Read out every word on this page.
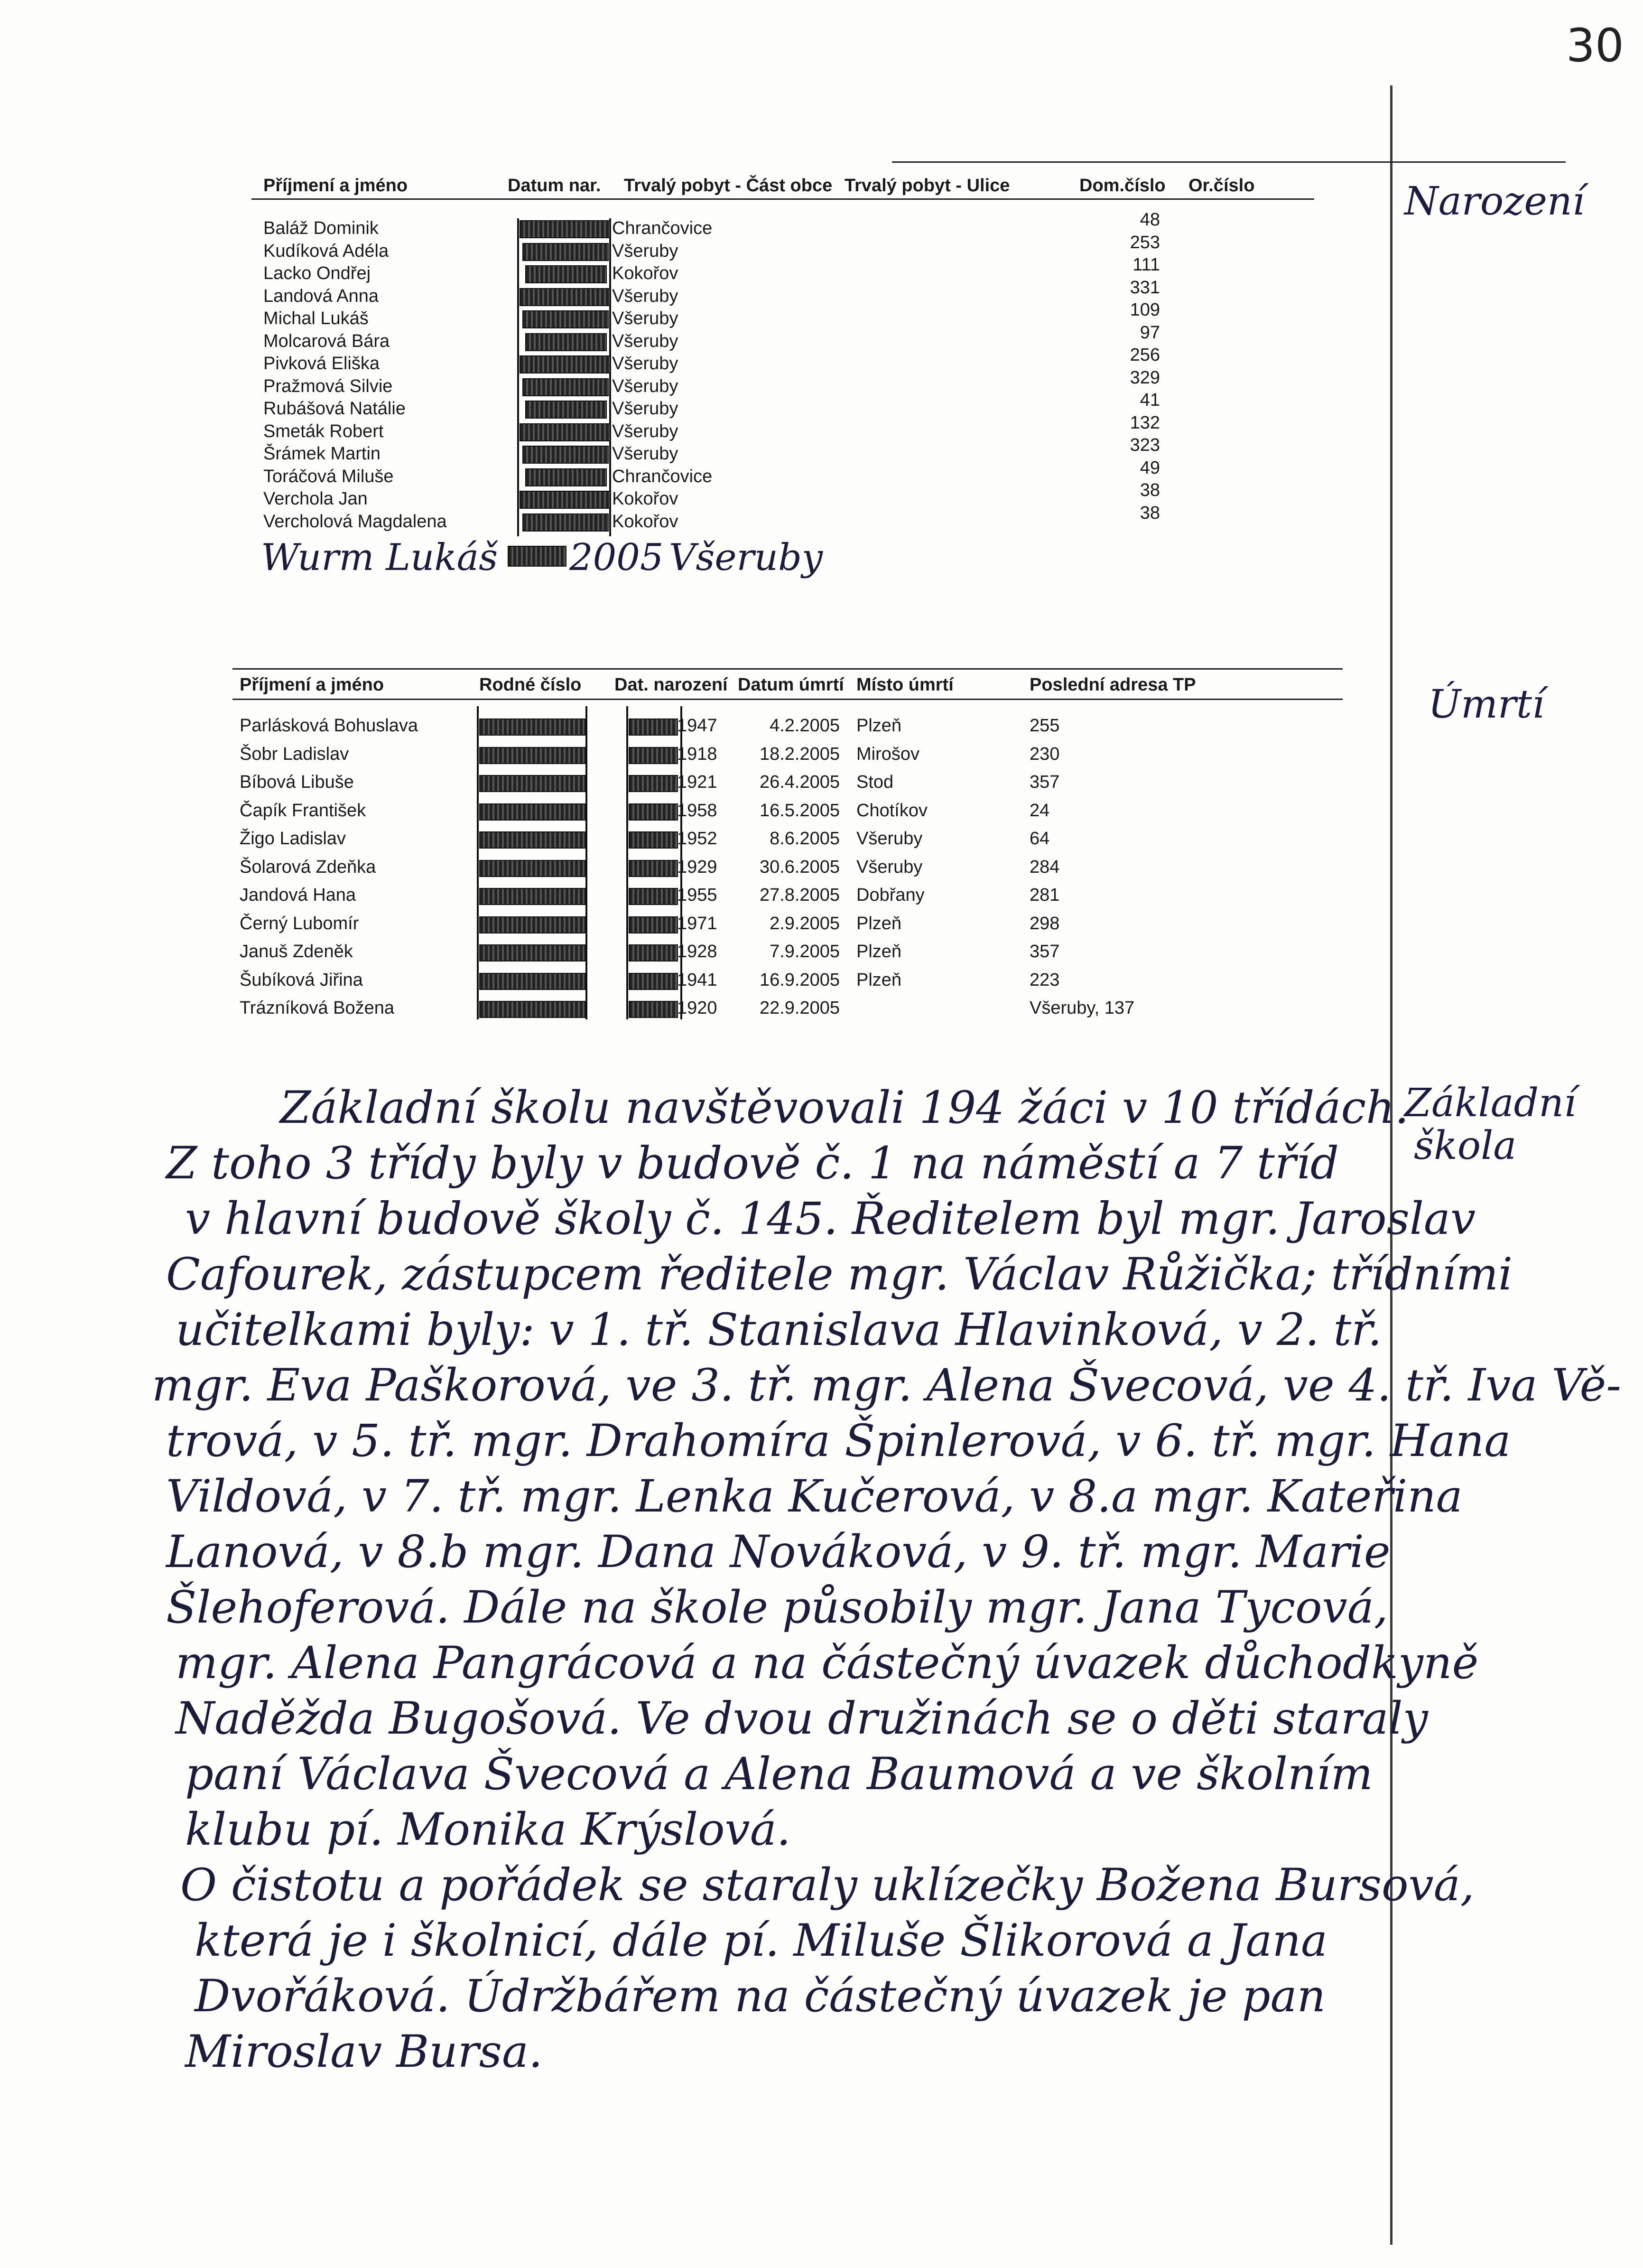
30
Narození
Úmrtí
Základní
škola
Příjmení a jméno	Datum nar. Trvalý pobyt - Část obce Trvalý pobyt - Ulice	Dom.číslo Or.číslo
Baláž Dominik	Chrančovice	48
Kudíková Adéla	Všeruby	253
Lacko Ondřej	Kokořov	111
Landová Anna	Všeruby	331
Michal Lukáš	Všeruby	109
Molcarová Bára	Všeruby	97
Pivková Eliška	Všeruby	256
Pražmová Silvie	Všeruby	329
Rubášová Natálie	Všeruby	41
Smeták Robert	Všeruby	132
Šrámek Martin	Všeruby	323
Toráčová Miluše	Chrančovice	49
Verchola Jan	Kokořov	38
Vercholová Magdalena	Kokořov	38
Wurm Lukáš 2005 Všeruby
Příjmení a jméno	Rodné číslo Dat. narození Datum úmrtí Místo úmrtí	Poslední adresa TP
Parlásková Bohuslava	1947	4.2.2005 Plzeň	255
Šobr Ladislav	1918	18.2.2005 Mirošov	230
Bíbová Libuše	1921	26.4.2005 Stod	357
Čapík František	1958	16.5.2005 Chotíkov	24
Žigo Ladislav	1952	8.6.2005 Všeruby	64
Šolarová Zdeňka	1929	30.6.2005 Všeruby	284
Jandová Hana	1955	27.8.2005 Dobřany	281
Černý Lubomír	1971	2.9.2005 Plzeň	298
Januš Zdeněk	1928	7.9.2005 Plzeň	357
Šubíková Jiřina	1941	16.9.2005 Plzeň	223
Trázníková Božena	1920	22.9.2005	Všeruby, 137
Základní školu navštěvovali 194 žáci v 10 třídách.
Z toho 3 třídy byly v budově č. 1 na náměstí a 7 tříd
v hlavní budově školy č. 145. Ředitelem byl mgr. Jaroslav
Cafourek, zástupcem ředitele mgr. Václav Růžička; třídními
učitelkami byly: v 1. tř. Stanislava Hlavinková, v 2. tř.
mgr. Eva Paškorová, ve 3. tř. mgr. Alena Švecová, ve 4. tř. Iva Vě-
trová, v 5. tř. mgr. Drahomíra Špinlerová, v 6. tř. mgr. Hana
Vildová, v 7. tř. mgr. Lenka Kučerová, v 8.a mgr. Kateřina
Lanová, v 8.b mgr. Dana Nováková, v 9. tř. mgr. Marie
Šlehoferová. Dále na škole působily mgr. Jana Tycová,
mgr. Alena Pangrácová a na částečný úvazek důchodkyně
Naděžda Bugošová. Ve dvou družinách se o děti staraly
paní Václava Švecová a Alena Baumová a ve školním
klubu pí. Monika Krýslová.
O čistotu a pořádek se staraly uklízečky Božena Bursová,
která je i školnicí, dále pí. Miluše Šlikorová a Jana
Dvořáková. Údržbářem na částečný úvazek je pan
Miroslav Bursa.
